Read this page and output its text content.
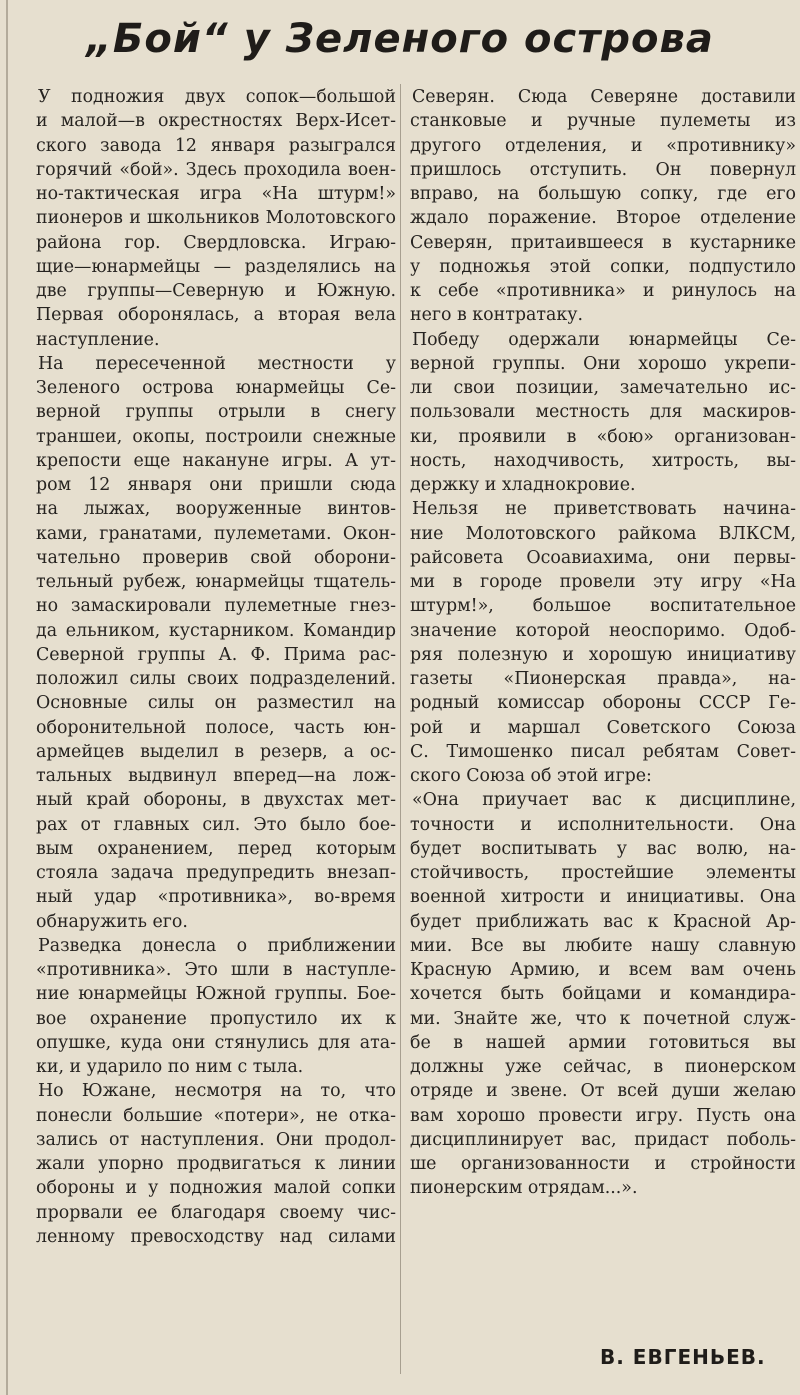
„Бой“ у Зеленого острова
У подножия двух сопок—большой
и малой—в окрестностях Верх-Исет-
ского завода 12 января разыгрался
горячий «бой». Здесь проходила воен-
но-тактическая игра «На штурм!»
пионеров и школьников Молотовского
района гор. Свердловска. Играю-
щие—юнармейцы — разделялись на
две группы—Северную и Южную.
Первая оборонялась, а вторая вела
наступление.
На пересеченной местности у
Зеленого острова юнармейцы Се-
верной группы отрыли в снегу
траншеи, окопы, построили снежные
крепости еще накануне игры. А ут-
ром 12 января они пришли сюда
на лыжах, вооруженные винтов-
ками, гранатами, пулеметами. Окон-
чательно проверив свой оборони-
тельный рубеж, юнармейцы тщатель-
но замаскировали пулеметные гнез-
да ельником, кустарником. Командир
Северной группы А. Ф. Прима рас-
положил силы своих подразделений.
Основные силы он разместил на
оборонительной полосе, часть юн-
армейцев выделил в резерв, а ос-
тальных выдвинул вперед—на лож-
ный край обороны, в двухстах мет-
рах от главных сил. Это было бое-
вым охранением, перед которым
стояла задача предупредить внезап-
ный удар «противника», во-время
обнаружить его.
Разведка донесла о приближении
«противника». Это шли в наступле-
ние юнармейцы Южной группы. Бое-
вое охранение пропустило их к
опушке, куда они стянулись для ата-
ки, и ударило по ним с тыла.
Но Южане, несмотря на то, что
понесли большие «потери», не отка-
зались от наступления. Они продол-
жали упорно продвигаться к линии
обороны и у подножия малой сопки
прорвали ее благодаря своему чис-
ленному превосходству над силами
Северян. Сюда Северяне доставили
станковые и ручные пулеметы из
другого отделения, и «противнику»
пришлось отступить. Он повернул
вправо, на большую сопку, где его
ждало поражение. Второе отделение
Северян, притаившееся в кустарнике
у подножья этой сопки, подпустило
к себе «противника» и ринулось на
него в контратаку.
Победу одержали юнармейцы Се-
верной группы. Они хорошо укрепи-
ли свои позиции, замечательно ис-
пользовали местность для маскиров-
ки, проявили в «бою» организован-
ность, находчивость, хитрость, вы-
держку и хладнокровие.
Нельзя не приветствовать начина-
ние Молотовского райкома ВЛКСМ,
райсовета Осоавиахима, они первы-
ми в городе провели эту игру «На
штурм!», большое воспитательное
значение которой неоспоримо. Одоб-
ряя полезную и хорошую инициативу
газеты «Пионерская правда», на-
родный комиссар обороны СССР Ге-
рой и маршал Советского Союза
С. Тимошенко писал ребятам Совет-
ского Союза об этой игре:
«Она приучает вас к дисциплине,
точности и исполнительности. Она
будет воспитывать у вас волю, на-
стойчивость, простейшие элементы
военной хитрости и инициативы. Она
будет приближать вас к Красной Ар-
мии. Все вы любите нашу славную
Красную Армию, и всем вам очень
хочется быть бойцами и командира-
ми. Знайте же, что к почетной служ-
бе в нашей армии готовиться вы
должны уже сейчас, в пионерском
отряде и звене. От всей души желаю
вам хорошо провести игру. Пусть она
дисциплинирует вас, придаст поболь-
ше организованности и стройности
пионерским отрядам...».
В. ЕВГЕНЬЕВ.
